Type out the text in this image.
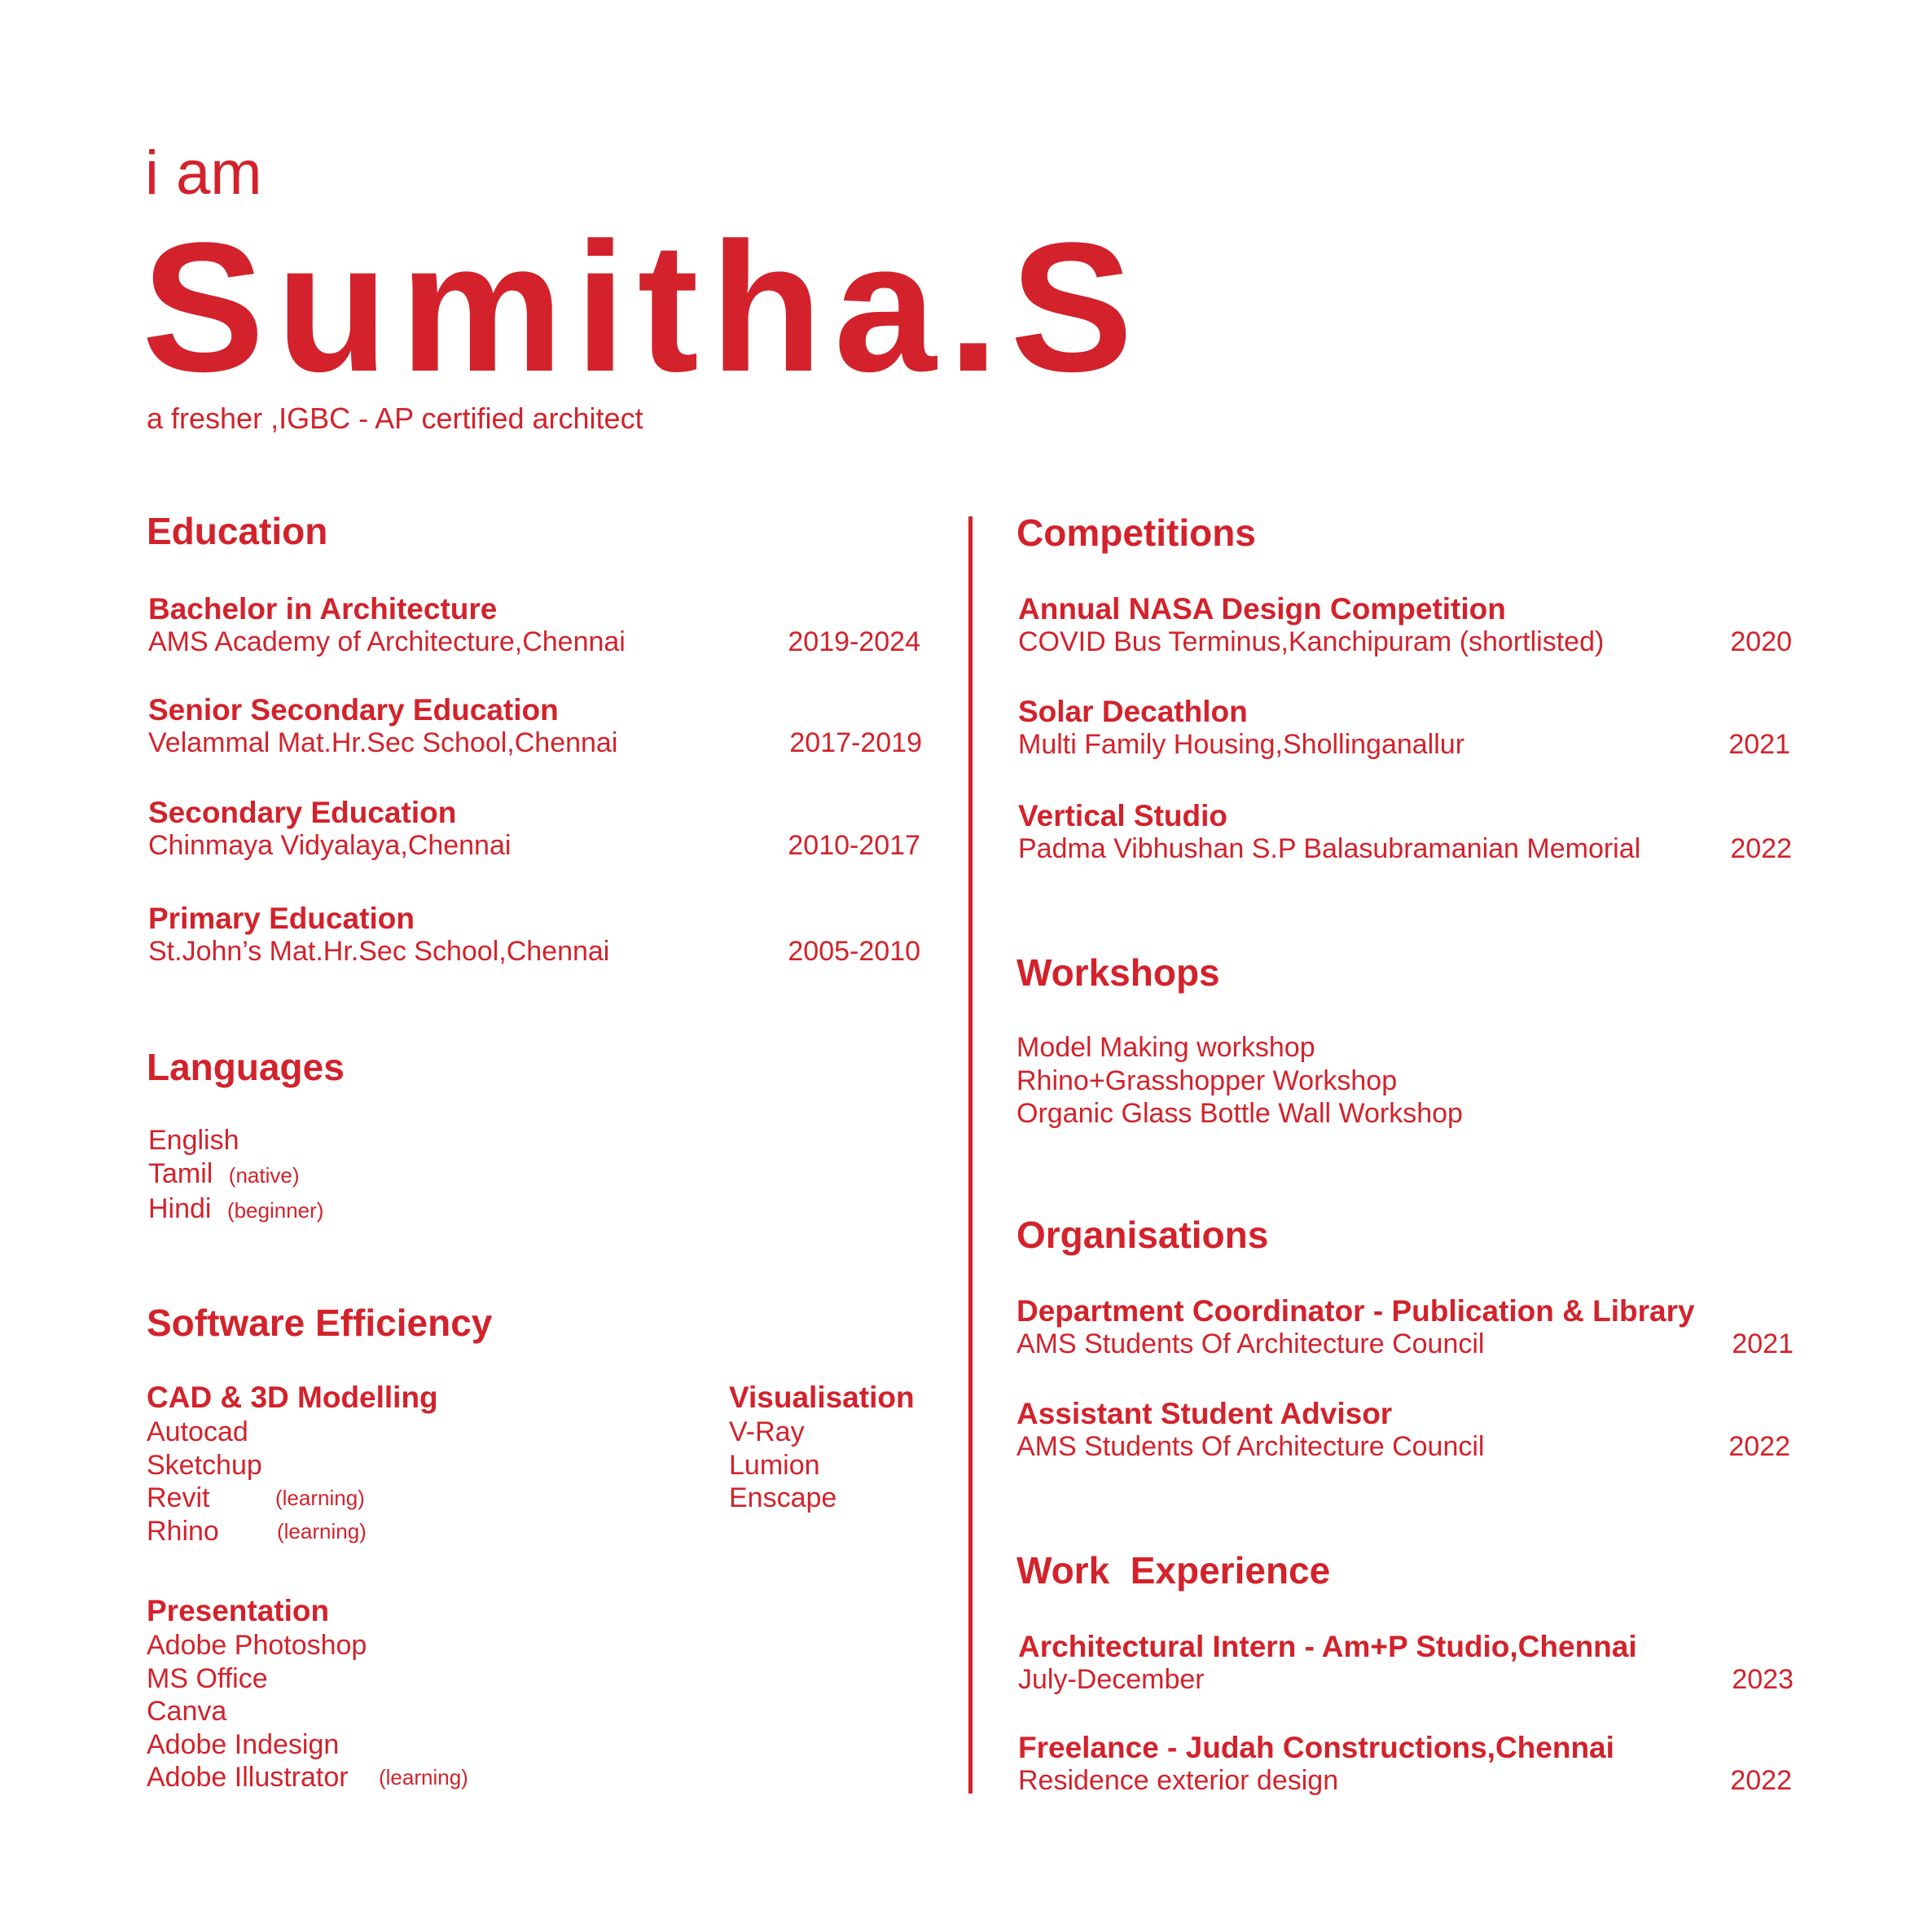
i am
Sumitha.S
a fresher ,IGBC - AP certified architect
Education
Bachelor in Architecture
AMS Academy of Architecture,Chennai	2019-2024
Senior Secondary Education
Velammal Mat.Hr.Sec School,Chennai	2017-2019
Secondary Education
Chinmaya Vidyalaya,Chennai	2010-2017
Primary Education
St.John’s Mat.Hr.Sec School,Chennai	2005-2010
Languages
English
Tamil (native)
Hindi (beginner)
Software Efficiency
CAD & 3D Modelling
Autocad
Sketchup
Revit	(learning)
Rhino	(learning)
Visualisation
V-Ray
Lumion
Enscape
Presentation
Adobe Photoshop
MS Office
Canva
Adobe Indesign
Adobe Illustrator (learning)
Competitions
Annual NASA Design Competition
COVID Bus Terminus,Kanchipuram (shortlisted)	2020
Solar Decathlon
Multi Family Housing,Shollinganallur	2021
Vertical Studio
Padma Vibhushan S.P Balasubramanian Memorial	2022
Workshops
Model Making workshop
Rhino+Grasshopper Workshop
Organic Glass Bottle Wall Workshop
Organisations
Department Coordinator - Publication & Library
AMS Students Of Architecture Council	2021
Assistant Student Advisor
AMS Students Of Architecture Council	2022
Work  Experience
Architectural Intern - Am+P Studio,Chennai
July-December	2023
Freelance - Judah Constructions,Chennai
Residence exterior design	2022
